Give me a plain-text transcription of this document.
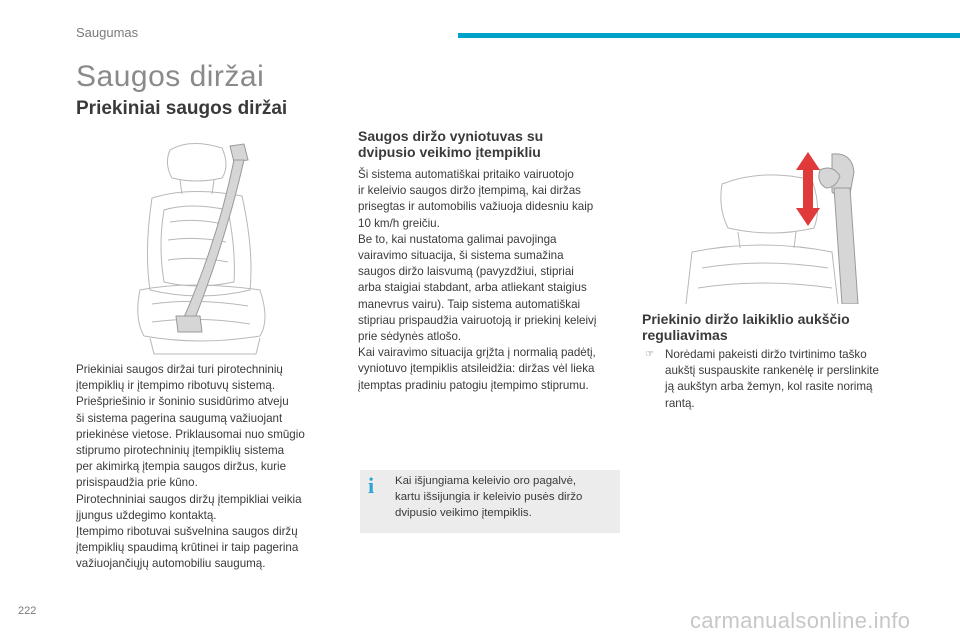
Saugumas
Saugos diržai
Priekiniai saugos diržai
Priekiniai saugos diržai turi pirotechninių
įtempiklių ir įtempimo ribotuvų sistemą.
Priešpriešinio ir šoninio susidūrimo atveju
ši sistema pagerina saugumą važiuojant
priekinėse vietose. Priklausomai nuo smūgio
stiprumo pirotechninių įtempiklių sistema
per akimirką įtempia saugos diržus, kurie
prisispaudžia prie kūno.
Pirotechniniai saugos diržų įtempikliai veikia
įjungus uždegimo kontaktą.
Įtempimo ribotuvai sušvelnina saugos diržų
įtempiklių spaudimą krūtinei ir taip pagerina
važiuojančiųjų automobiliu saugumą.
Saugos diržo vyniotuvas su
dvipusio veikimo įtempikliu
Ši sistema automatiškai pritaiko vairuotojo
ir keleivio saugos diržo įtempimą, kai diržas
prisegtas ir automobilis važiuoja didesniu kaip
10 km/h greičiu.
Be to, kai nustatoma galimai pavojinga
vairavimo situacija, ši sistema sumažina
saugos diržo laisvumą (pavyzdžiui, stipriai
arba staigiai stabdant, arba atliekant staigius
manevrus vairu). Taip sistema automatiškai
stipriau prispaudžia vairuotoją ir priekinį keleivį
prie sėdynės atlošo.
Kai vairavimo situacija grįžta į normalią padėtį,
vyniotuvo įtempiklis atsileidžia: diržas vėl lieka
įtemptas pradiniu patogiu įtempimo stiprumu.
i	Kai išjungiama keleivio oro pagalvė,
kartu išsijungia ir keleivio pusės diržo
dvipusio veikimo įtempiklis.
Priekinio diržo laikiklio aukščio
reguliavimas
☞ Norėdami pakeisti diržo tvirtinimo taško
aukštį suspauskite rankenėlę ir perslinkite
ją aukštyn arba žemyn, kol rasite norimą
rantą.
222	carmanualsonline.info
